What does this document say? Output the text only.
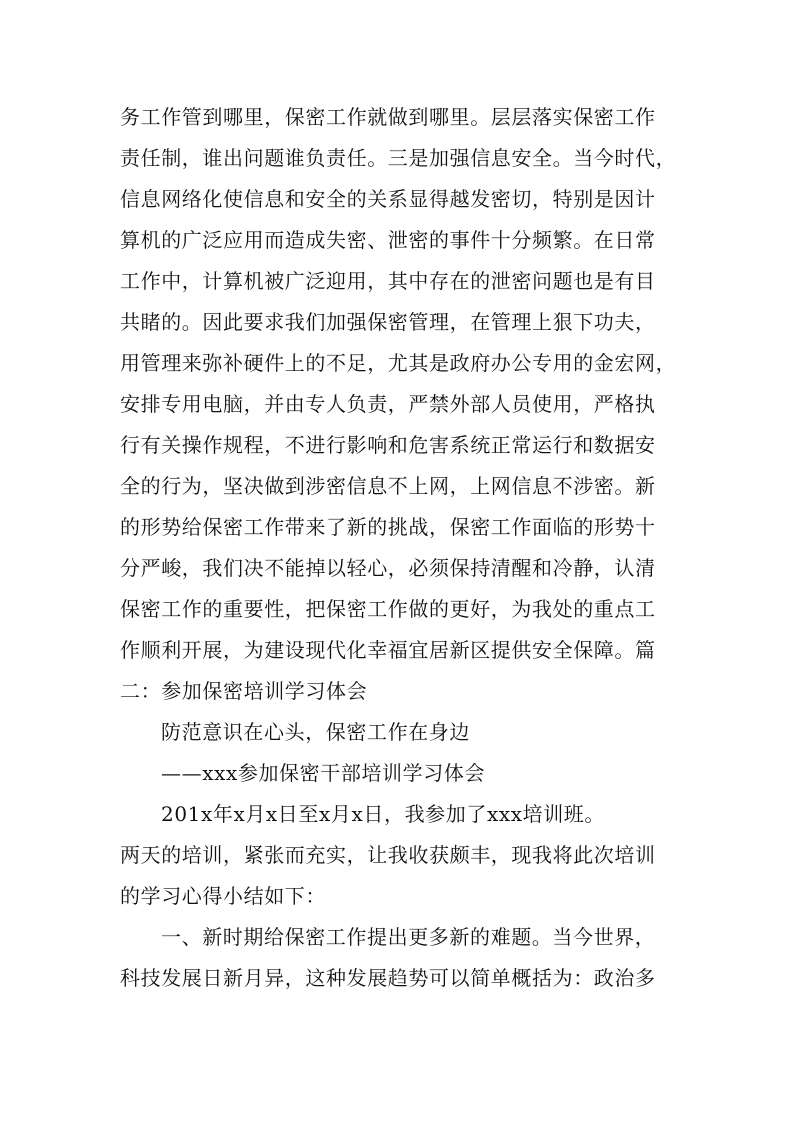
务工作管到哪里，保密工作就做到哪里。层层落实保密工作
责任制，谁出问题谁负责任。三是加强信息安全。当今时代，
信息网络化使信息和安全的关系显得越发密切，特别是因计
算机的广泛应用而造成失密、泄密的事件十分频繁。在日常
工作中，计算机被广泛迎用，其中存在的泄密问题也是有目
共睹的。因此要求我们加强保密管理，在管理上狠下功夫，
用管理来弥补硬件上的不足，尤其是政府办公专用的金宏网，
安排专用电脑，并由专人负责，严禁外部人员使用，严格执
行有关操作规程，不进行影响和危害系统正常运行和数据安
全的行为，坚决做到涉密信息不上网，上网信息不涉密。新
的形势给保密工作带来了新的挑战，保密工作面临的形势十
分严峻，我们决不能掉以轻心，必须保持清醒和冷静，认清
保密工作的重要性，把保密工作做的更好，为我处的重点工
作顺利开展，为建设现代化幸福宜居新区提供安全保障。篇
二：参加保密培训学习体会
防范意识在心头，保密工作在身边
——xxx参加保密干部培训学习体会
201x年x月x日至x月x日，我参加了xxx培训班。
两天的培训，紧张而充实，让我收获颇丰，现我将此次培训
的学习心得小结如下：
一、新时期给保密工作提出更多新的难题。当今世界，
科技发展日新月异，这种发展趋势可以简单概括为：政治多
